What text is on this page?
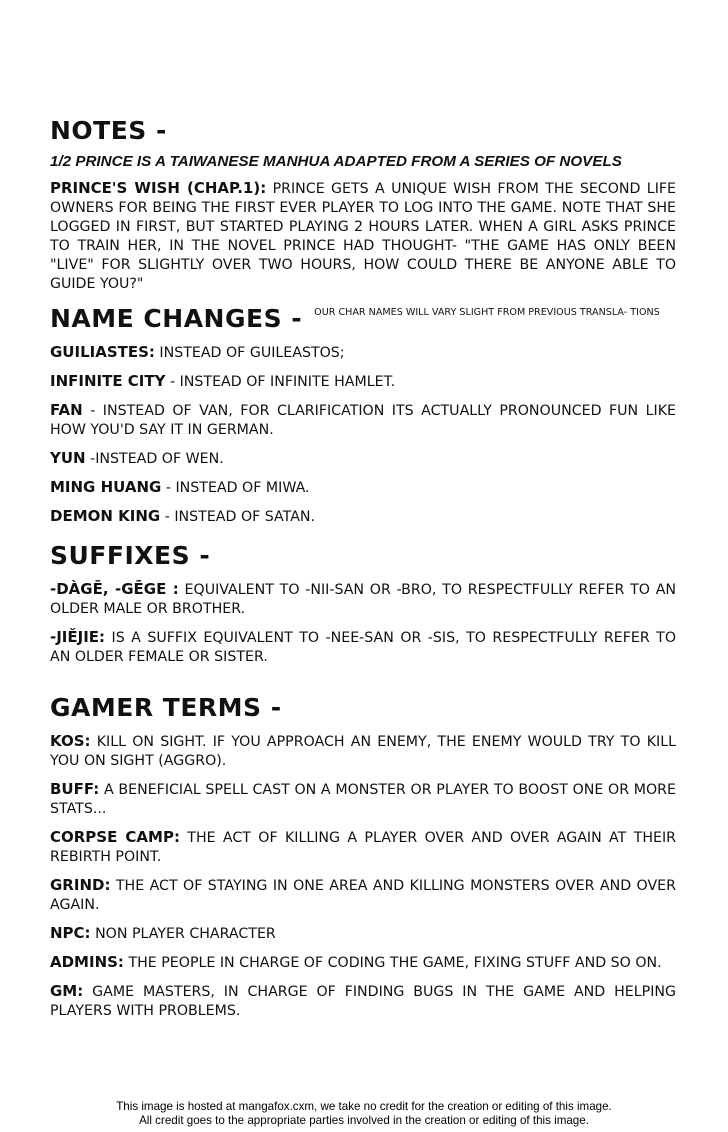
NOTES -
1/2 PRINCE IS A TAIWANESE MANHUA ADAPTED FROM A SERIES OF NOVELS

PRINCE'S WISH (CHAP.1): PRINCE GETS A UNIQUE WISH FROM THE SECOND LIFE OWNERS FOR BEING THE FIRST EVER PLAYER TO LOG INTO THE GAME. NOTE THAT SHE LOGGED IN FIRST, BUT STARTED PLAYING 2 HOURS LATER. WHEN A GIRL ASKS PRINCE TO TRAIN HER, IN THE NOVEL PRINCE HAD THOUGHT- "THE GAME HAS ONLY BEEN "LIVE" FOR SLIGHTLY OVER TWO HOURS, HOW COULD THERE BE ANYONE ABLE TO GUIDE YOU?"

NAME CHANGES - OUR CHAR NAMES WILL VARY SLIGHT FROM PREVIOUS TRANSLA- TIONS

GUILIASTES: INSTEAD OF GUILEASTOS;

INFINITE CITY - INSTEAD OF INFINITE HAMLET.

FAN - INSTEAD OF VAN, FOR CLARIFICATION ITS ACTUALLY PRONOUNCED FUN LIKE HOW YOU'D SAY IT IN GERMAN.

YUN -INSTEAD OF WEN.

MING HUANG - INSTEAD OF MIWA.

DEMON KING - INSTEAD OF SATAN.

SUFFIXES -

-DÀGĒ, -GĒGE : EQUIVALENT TO -NII-SAN OR -BRO, TO RESPECTFULLY REFER TO AN OLDER MALE OR BROTHER.

-JIĚJIE: IS A SUFFIX EQUIVALENT TO -NEE-SAN OR -SIS, TO RESPECTFULLY REFER TO AN OLDER FEMALE OR SISTER.

GAMER TERMS -

KOS: KILL ON SIGHT. IF YOU APPROACH AN ENEMY, THE ENEMY WOULD TRY TO KILL YOU ON SIGHT (AGGRO).

BUFF: A BENEFICIAL SPELL CAST ON A MONSTER OR PLAYER TO BOOST ONE OR MORE STATS...

CORPSE CAMP: THE ACT OF KILLING A PLAYER OVER AND OVER AGAIN AT THEIR REBIRTH POINT.

GRIND: THE ACT OF STAYING IN ONE AREA AND KILLING MONSTERS OVER AND OVER AGAIN.

NPC: NON PLAYER CHARACTER

ADMINS: THE PEOPLE IN CHARGE OF CODING THE GAME, FIXING STUFF AND SO ON.

GM: GAME MASTERS, IN CHARGE OF FINDING BUGS IN THE GAME AND HELPING PLAYERS WITH PROBLEMS.

This image is hosted at mangafox.cxm, we take no credit for the creation or editing of this image.
All credit goes to the appropriate parties involved in the creation or editing of this image.
